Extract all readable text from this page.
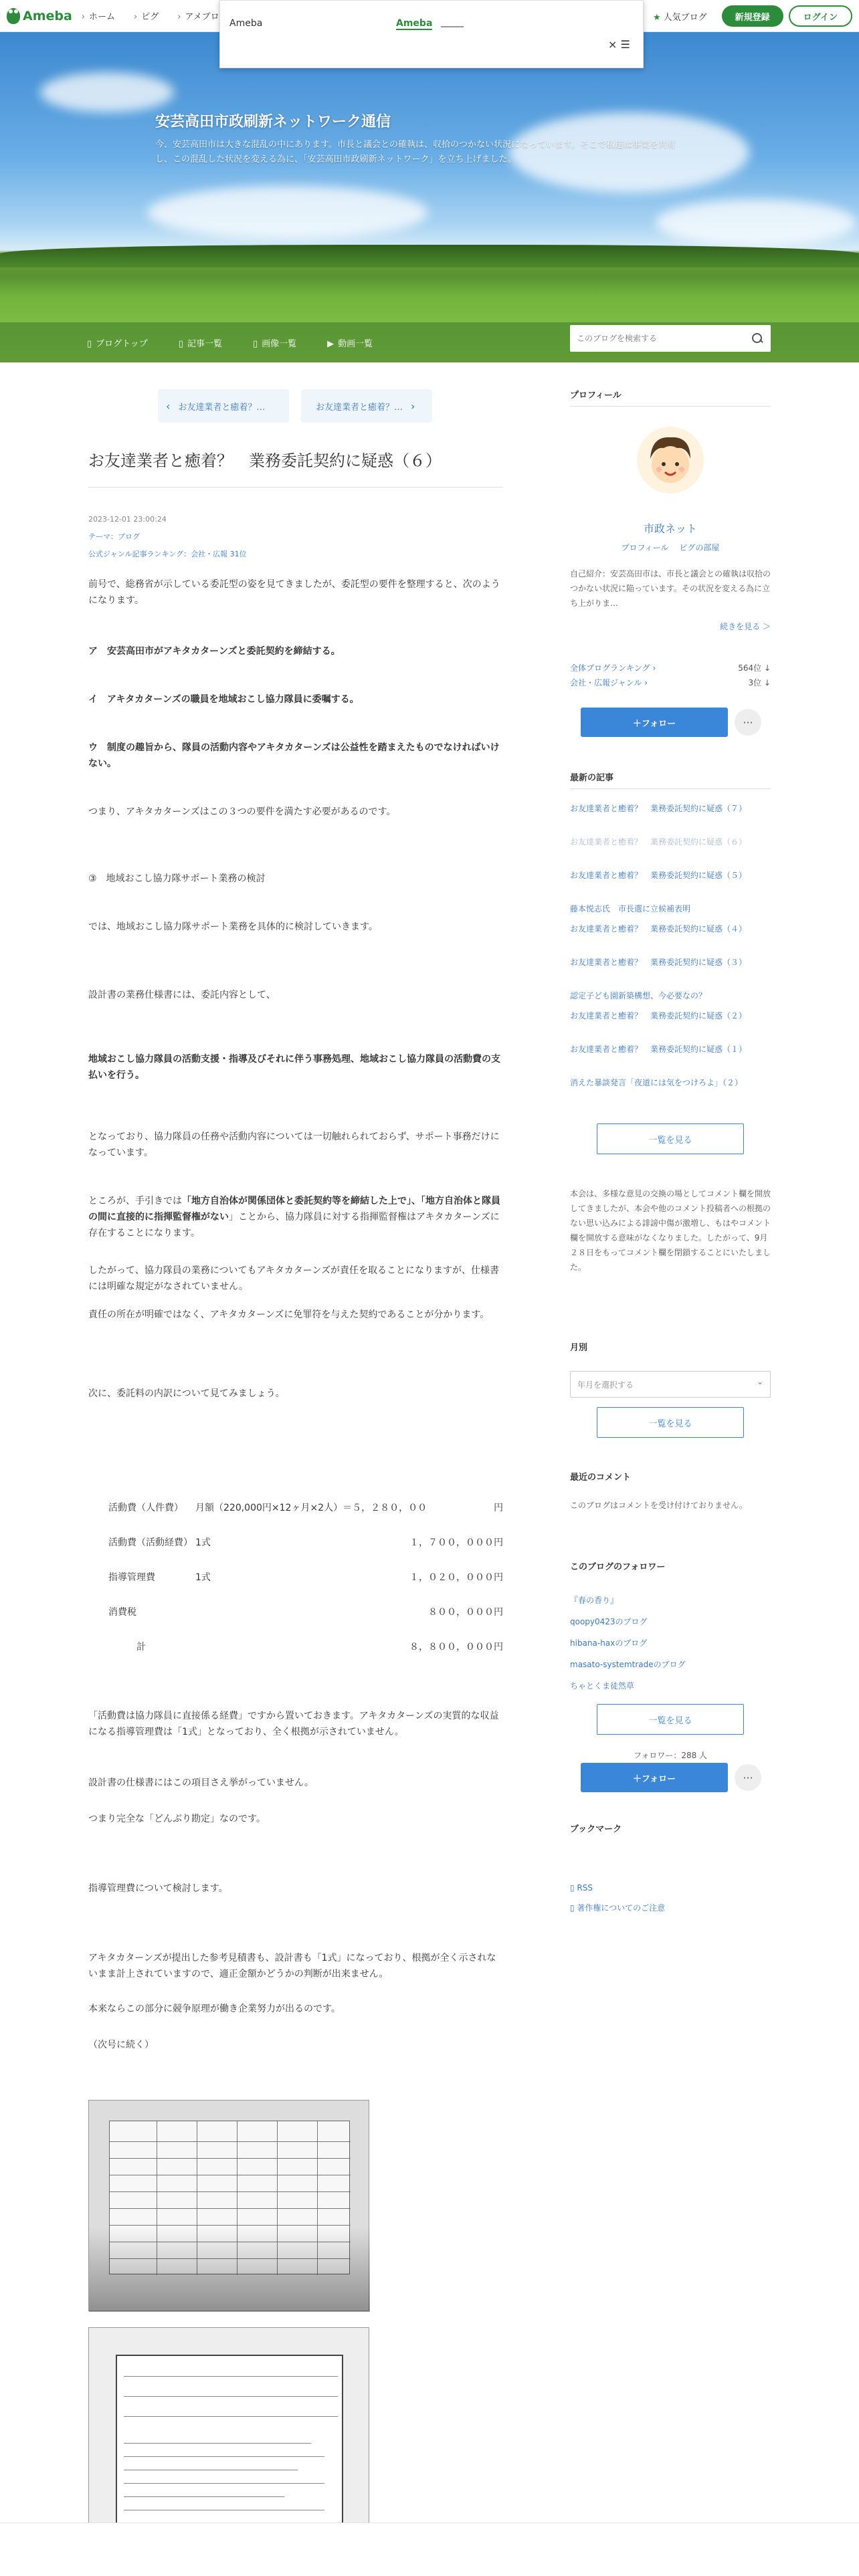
Ameba	› ホーム	› ピグ	› アメブロ	★ 人気ブログ	新規登録	ログイン
安芸高田市政刷新ネットワーク通信
今、安芸高田市は大きな混乱の中にあります。市長と議会との確執は、収拾のつかない状況になっています。そこで私達は事業を共有し、この混乱した状況を変える為に、「安芸高田市政刷新ネットワーク」を立ち上げました。
Ameba	Ameba
× ☰
▯ ブログトップ	▯ 記事一覧	▯ 画像一覧	▶ 動画一覧
このブログを検索する
‹ お友達業者と癒着？…	お友達業者と癒着？… ›
お友達業者と癒着？　業務委託契約に疑惑（６）
2023-12-01 23:00:24
テーマ：ブログ
公式ジャンル記事ランキング：会社・広報 31位

前号で、総務省が示している委託型の姿を見てきましたが、委託型の要件を整理すると、次のようになります。

ア　安芸高田市がアキタカターンズと委託契約を締結する。

イ　アキタカターンズの職員を地域おこし協力隊員に委嘱する。

ウ　制度の趣旨から、隊員の活動内容やアキタカターンズは公益性を踏まえたものでなければいけない。

つまり、アキタカターンズはこの３つの要件を満たす必要があるのです。

③　地域おこし協力隊サポート業務の検討

では、地域おこし協力隊サポート業務を具体的に検討していきます。

設計書の業務仕様書には、委託内容として、

地域おこし協力隊員の活動支援・指導及びそれに伴う事務処理、地域おこし協力隊員の活動費の支払いを行う。

となっており、協力隊員の任務や活動内容については一切触れられておらず、サポート事務だけになっています。

ところが、手引きでは「地方自治体が関係団体と委託契約等を締結した上で」、「地方自治体と隊員の間に直接的に指揮監督権がない」ことから、協力隊員に対する指揮監督権はアキタカターンズに存在することになります。

したがって、協力隊員の業務についてもアキタカターンズが責任を取ることになりますが、仕様書には明確な規定がなされていません。

責任の所在が明確ではなく、アキタカターンズに免罪符を与えた契約であることが分かります。

次に、委託料の内訳について見てみましょう。

活動費（人件費） 月額（220,000円×12ヶ月×2人）＝５，２８０，００	円
活動費（活動経費） 1式	１，７００，０００円
指導管理費	1式	１，０２０，０００円
消費税	８００，０００円
　　　計	８，８００，０００円

「活動費は協力隊員に直接係る経費」ですから置いておきます。アキタカターンズの実質的な収益になる指導管理費は「1式」となっており、全く根拠が示されていません。

設計書の仕様書にはこの項目さえ挙がっていません。

つまり完全な「どんぶり勘定」なのです。

指導管理費について検討します。

アキタカターンズが提出した参考見積書も、設計書も「1式」になっており、根拠が全く示されないまま計上されていますので、適正金額かどうかの判断が出来ません。

本来ならこの部分に競争原理が働き企業努力が出るのです。

（次号に続く）

プロフィール
市政ネット
プロフィール ピグの部屋
自己紹介：安芸高田市は、市長と議会との確執は収拾のつかない状況に陥っています。その状況を変える為に立ち上がりま…
続きを見る ＞
全体ブログランキング ›	564位 ↓
会社・広報ジャンル ›	3位 ↓
＋フォロー	···
最新の記事
お友達業者と癒着？　業務委託契約に疑惑（７）
お友達業者と癒着？　業務委託契約に疑惑（６）
お友達業者と癒着？　業務委託契約に疑惑（５）
藤本悦志氏　市長選に立候補表明
お友達業者と癒着？　業務委託契約に疑惑（４）
お友達業者と癒着？　業務委託契約に疑惑（３）
認定子ども園新築構想、今必要なの？
お友達業者と癒着？　業務委託契約に疑惑（２）
お友達業者と癒着？　業務委託契約に疑惑（１）
消えた暴談発言「夜道には気をつけろよ」（２）
一覧を見る
本会は、多様な意見の交換の場としてコメント欄を開放してきましたが、本会や他のコメント投稿者への根拠のない思い込みによる誹謗中傷が激増し、もはやコメント欄を開放する意味がなくなりました。したがって、9月２８日をもってコメント欄を閉鎖することにいたしました。
月別
年月を選択する ⌄
一覧を見る
最近のコメント
このブログはコメントを受け付けておりません。
このブログのフォロワー
『春の香り』
qoopy0423のブログ
hibana-haxのブログ
masato-systemtradeのブログ
ちゃとくま徒然草
一覧を見る
フォロワー：288 人
＋フォロー	···
ブックマーク
▯ RSS
▯ 著作権についてのご注意
